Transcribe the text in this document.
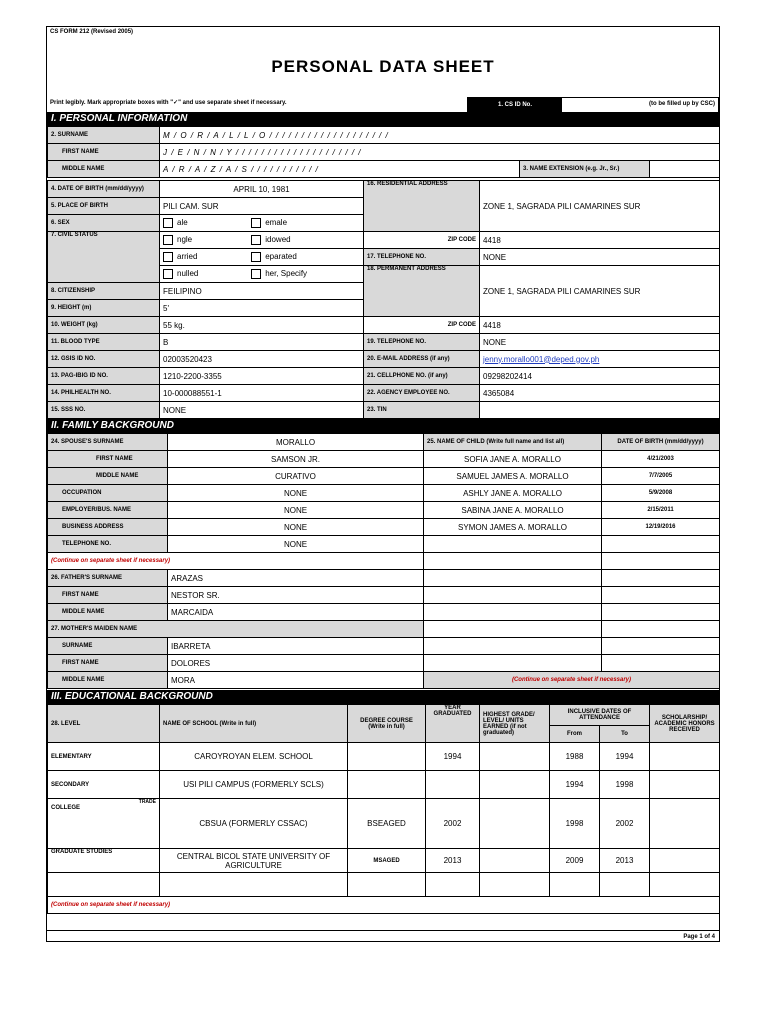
CS FORM 212 (Revised 2005)
PERSONAL DATA SHEET
Print legibly. Mark appropriate boxes with "✓" and use separate sheet if necessary.	1. CS ID No.	(to be filled up by CSC)
I. PERSONAL INFORMATION
2. SURNAME	M / O / R / A / L / L / O / / / / / / / / / / / / / / / / / / /		
FIRST NAME	J / E / N / N / Y / / / / / / / / / / / / / / / / / / / /		
MIDDLE NAME	A / R / A / Z / A / S / / / / / / / / / / /	3. NAME EXTENSION (e.g. Jr., Sr.)	
4. DATE OF BIRTH (mm/dd/yyyy)	APRIL 10, 1981	16. RESIDENTIAL ADDRESS	ZONE 1, SAGRADA PILI CAMARINES SUR
5. PLACE OF BIRTH	PILI CAM. SUR		
6. SEX	ale emale		
7. CIVIL STATUS	ngle idowed	ZIP CODE	4418
	arried eparated	17. TELEPHONE NO.	NONE
	nulled her, Specify	18. PERMANENT ADDRESS	ZONE 1, SAGRADA PILI CAMARINES SUR
8. CITIZENSHIP	FEILIPINO		
9. HEIGHT (m)	5'		
10. WEIGHT (kg)	55 kg.	ZIP CODE	4418
11. BLOOD TYPE	B	19. TELEPHONE NO.	NONE
12. GSIS ID NO.	02003520423	20. E-MAIL ADDRESS (if any)	jenny.morallo001@deped.gov.ph
13. PAG-IBIG ID NO.	1210-2200-3355	21. CELLPHONE NO. (if any)	09298202414
14. PHILHEALTH NO.	10-000088551-1	22. AGENCY EMPLOYEE NO.	4365084
15. SSS NO.	NONE	23. TIN	
II. FAMILY BACKGROUND
24. SPOUSE'S SURNAME	MORALLO	25. NAME OF CHILD (Write full name and list all)	DATE OF BIRTH (mm/dd/yyyy)
FIRST NAME	SAMSON JR.	SOFIA JANE A. MORALLO	4/21/2003
MIDDLE NAME	CURATIVO	SAMUEL JAMES A. MORALLO	7/7/2005
OCCUPATION	NONE	ASHLY JANE A. MORALLO	5/9/2008
EMPLOYER/BUS. NAME	NONE	SABINA JANE A. MORALLO	2/15/2011
BUSINESS ADDRESS	NONE	SYMON JAMES A. MORALLO	12/19/2016
TELEPHONE NO.	NONE		
(Continue on separate sheet if necessary)			
26. FATHER'S SURNAME	ARAZAS		
FIRST NAME	NESTOR SR.		
MIDDLE NAME	MARCAIDA		
27. MOTHER'S MAIDEN NAME			
SURNAME	IBARRETA		
FIRST NAME	DOLORES		
MIDDLE NAME	MORA	(Continue on separate sheet if necessary)	
III. EDUCATIONAL BACKGROUND
28. LEVEL	NAME OF SCHOOL (Write in full)	DEGREE COURSE (Write in full)	YEAR GRADUATED	HIGHEST GRADE/ LEVEL/ UNITS EARNED (if not graduated)	INCLUSIVE DATES OF ATTENDANCE		SCHOLARSHIP/ ACADEMIC HONORS RECEIVED
					From	To	
ELEMENTARY	CAROYROYAN ELEM. SCHOOL		1994		1988	1994	
SECONDARY	USI PILI CAMPUS (FORMERLY SCLS)				1994	1998	

TRADE
COLLEGE	CBSUA (FORMERLY CSSAC)	BSEAGED	2002		1998	2002	
GRADUATE STUDIES	CENTRAL BICOL STATE UNIVERSITY OF AGRICULTURE	MSAGED	2013		2009	2013	

(Continue on separate sheet if necessary)							
Page 1 of 4
